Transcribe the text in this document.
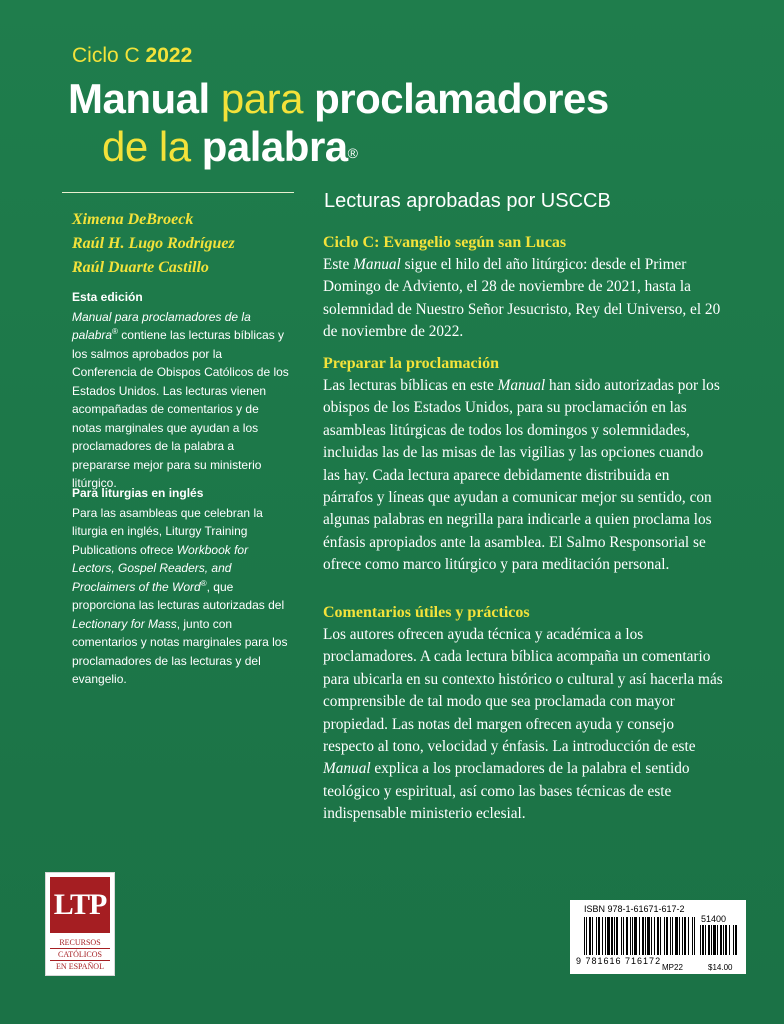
Ciclo C 2022
Manual para proclamadores
de la palabra®
Ximena DeBroeck
Raúl H. Lugo Rodríguez
Raúl Duarte Castillo
Esta edición

Manual para proclamadores de la palabra® contiene las lecturas bíblicas y los salmos aprobados por la Conferencia de Obispos Católicos de los Estados Unidos. Las lecturas vienen acompañadas de comentarios y de notas marginales que ayudan a los proclamadores de la palabra a prepararse mejor para su ministerio litúrgico.

Para liturgias en inglés

Para las asambleas que celebran la liturgia en inglés, Liturgy Training Publications ofrece Workbook for Lectors, Gospel Readers, and Proclaimers of the Word®, que proporciona las lecturas autorizadas del Lectionary for Mass, junto con comentarios y notas marginales para los proclamadores de las lecturas y del evangelio.

Lecturas aprobadas por USCCB
Ciclo C: Evangelio según san Lucas

Este Manual sigue el hilo del año litúrgico: desde el Primer Domingo de Adviento, el 28 de noviembre de 2021, hasta la solemnidad de Nuestro Señor Jesucristo, Rey del Universo, el 20 de noviembre de 2022.

Preparar la proclamación

Las lecturas bíblicas en este Manual han sido autorizadas por los obispos de los Estados Unidos, para su proclamación en las asambleas litúrgicas de todos los domingos y solemnidades, incluidas las de las misas de las vigilias y las opciones cuando las hay. Cada lectura aparece debidamente distribuida en párrafos y líneas que ayudan a comunicar mejor su sentido, con algunas palabras en negrilla para indicarle a quien proclama los énfasis apropiados ante la asamblea. El Salmo Responsorial se ofrece como marco litúrgico y para meditación personal.

Comentarios útiles y prácticos

Los autores ofrecen ayuda técnica y académica a los proclamadores. A cada lectura bíblica acompaña un comentario para ubicarla en su contexto histórico o cultural y así hacerla más comprensible de tal modo que sea proclamada con mayor propiedad. Las notas del margen ofrecen ayuda y consejo respecto al tono, velocidad y énfasis. La introducción de este Manual explica a los proclamadores de la palabra el sentido teológico y espiritual, así como las bases técnicas de este indispensable ministerio eclesial.

LTP
RECURSOS
CATÓLICOS
EN ESPAÑOL
ISBN 978-1-61671-617-2
51400
9 781616 716172
MP22	$14.00
